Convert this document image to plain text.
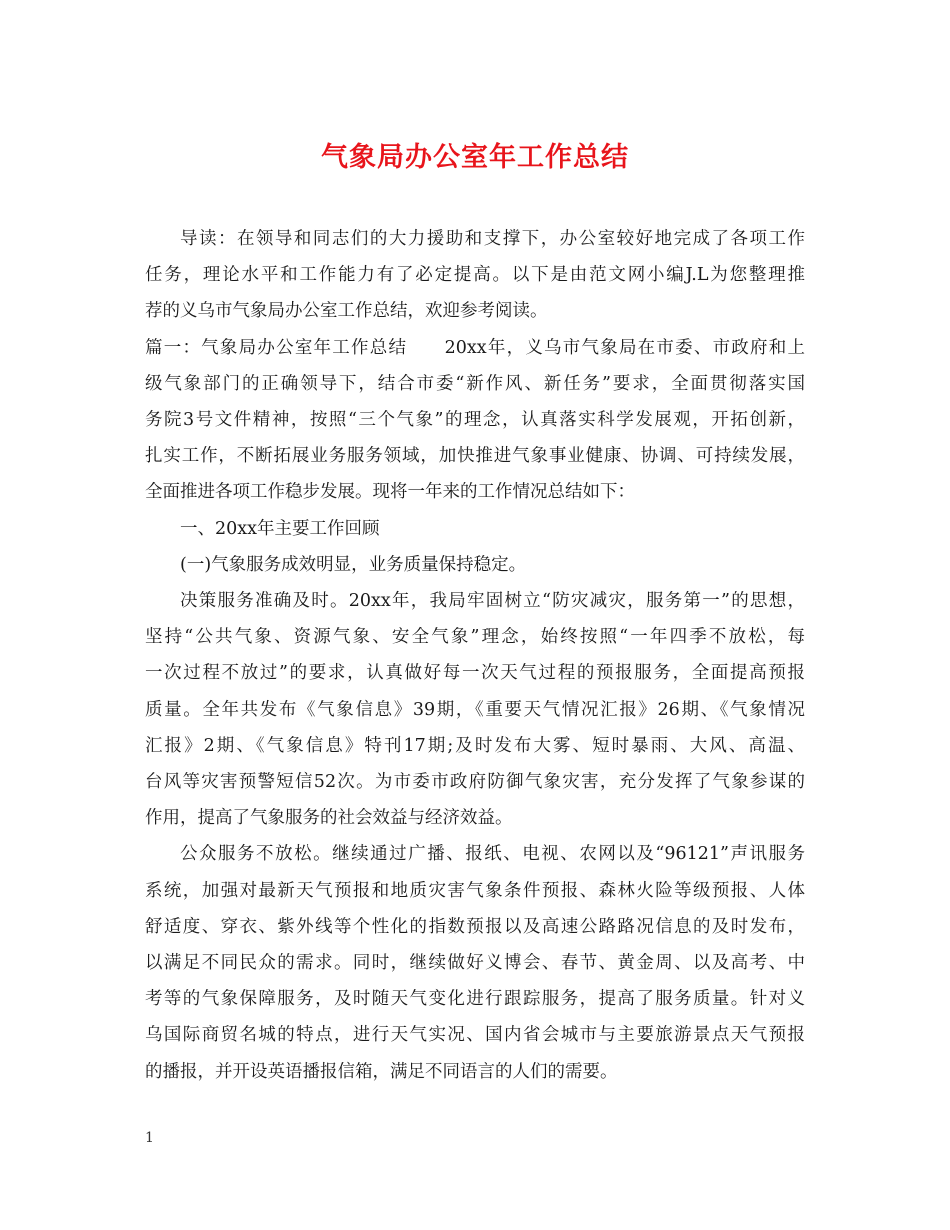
气象局办公室年工作总结
导读：在领导和同志们的大力援助和支撑下，办公室较好地完成了各项工作
任务，理论水平和工作能力有了必定提高。以下是由范文网小编J.L为您整理推
荐的义乌市气象局办公室工作总结，欢迎参考阅读。
篇一：气象局办公室年工作总结　　20xx年，义乌市气象局在市委、市政府和上
级气象部门的正确领导下，结合市委“新作风、新任务”要求，全面贯彻落实国
务院3号文件精神，按照“三个气象”的理念，认真落实科学发展观，开拓创新，
扎实工作，不断拓展业务服务领域，加快推进气象事业健康、协调、可持续发展，
全面推进各项工作稳步发展。现将一年来的工作情况总结如下：
一、20xx年主要工作回顾
(一)气象服务成效明显，业务质量保持稳定。
决策服务准确及时。20xx年，我局牢固树立“防灾减灾，服务第一”的思想，
坚持“公共气象、资源气象、安全气象”理念，始终按照“一年四季不放松，每
一次过程不放过”的要求，认真做好每一次天气过程的预报服务，全面提高预报
质量。全年共发布《气象信息》39期，《重要天气情况汇报》26期、《气象情况
汇报》2期、《气象信息》特刊17期;及时发布大雾、短时暴雨、大风、高温、
台风等灾害预警短信52次。为市委市政府防御气象灾害，充分发挥了气象参谋的
作用，提高了气象服务的社会效益与经济效益。
公众服务不放松。继续通过广播、报纸、电视、农网以及“96121”声讯服务
系统，加强对最新天气预报和地质灾害气象条件预报、森林火险等级预报、人体
舒适度、穿衣、紫外线等个性化的指数预报以及高速公路路况信息的及时发布，
以满足不同民众的需求。同时，继续做好义博会、春节、黄金周、以及高考、中
考等的气象保障服务，及时随天气变化进行跟踪服务，提高了服务质量。针对义
乌国际商贸名城的特点，进行天气实况、国内省会城市与主要旅游景点天气预报
的播报，并开设英语播报信箱，满足不同语言的人们的需要。
1
